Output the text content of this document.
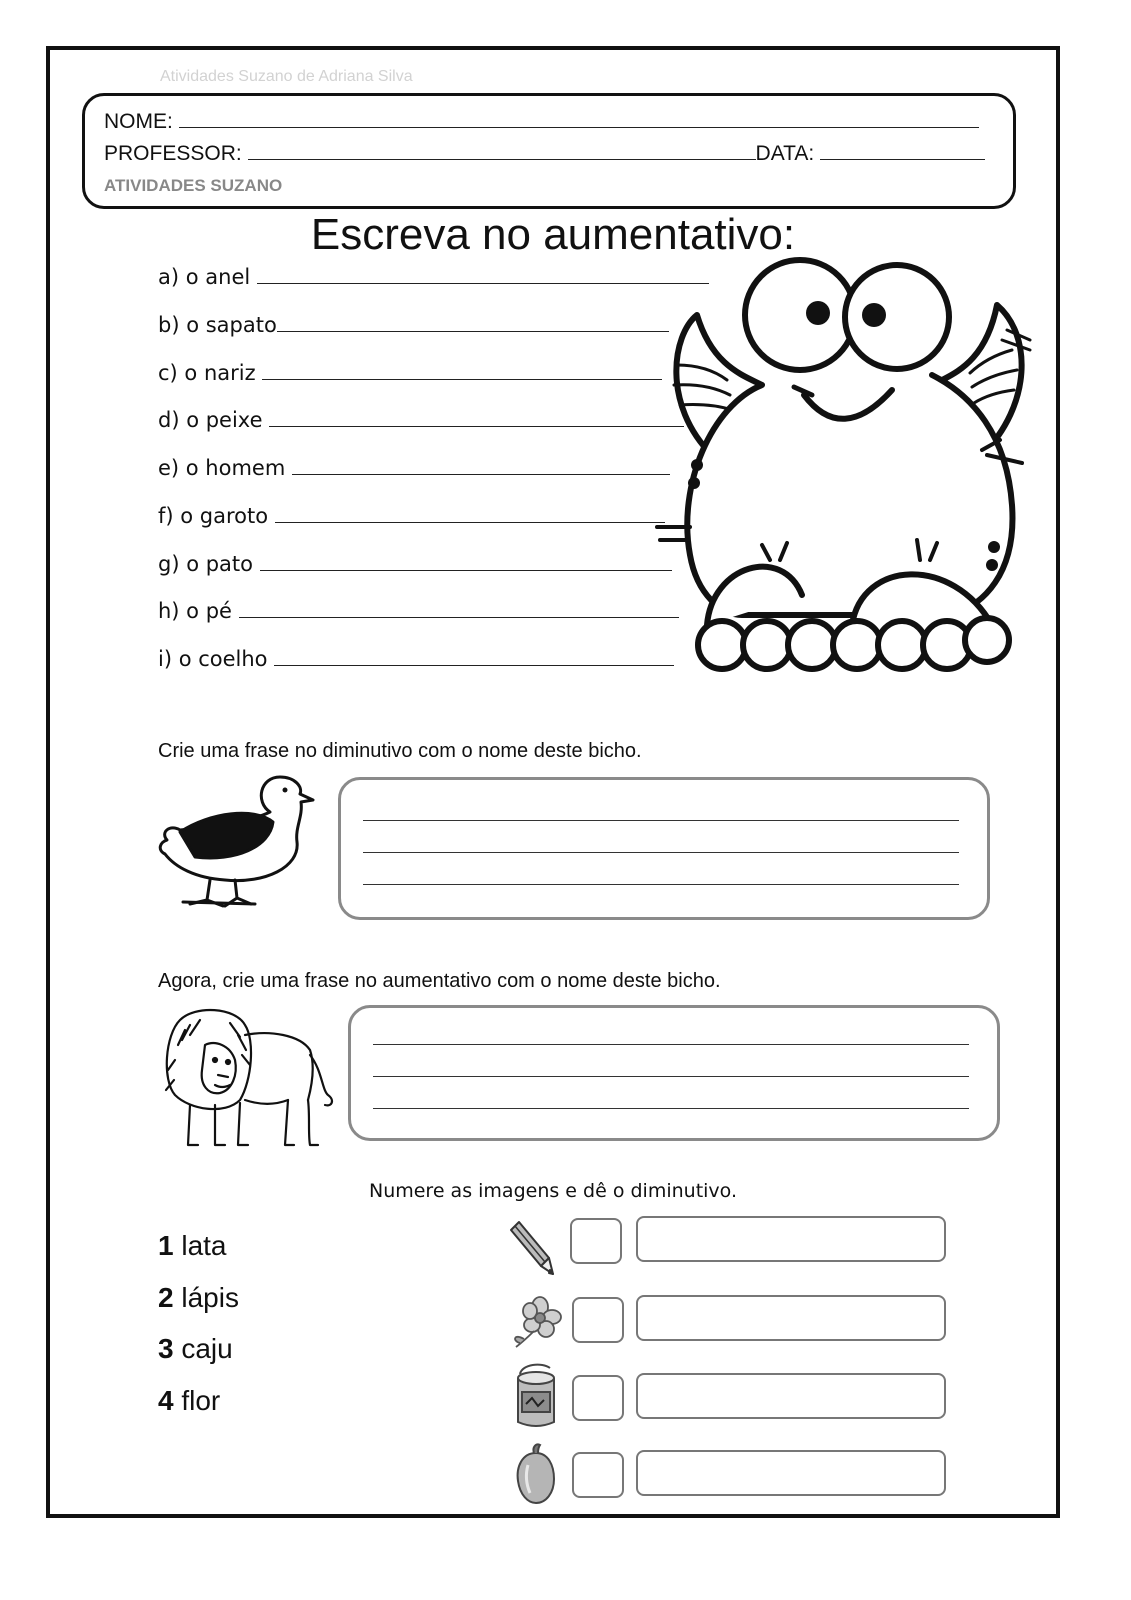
Atividades Suzano de Adriana Silva
NOME:
PROFESSOR:	DATA:
ATIVIDADES SUZANO
Escreva no aumentativo:
a) o anel
b) o sapato
c) o nariz
d) o peixe
e) o homem
f) o garoto
g) o pato
h) o pé
i) o coelho
Crie uma frase no diminutivo com o nome deste bicho.
Agora, crie uma frase no aumentativo com o nome deste bicho.
Numere as imagens e dê o diminutivo.
1 lata
2 lápis
3 caju
4 flor
